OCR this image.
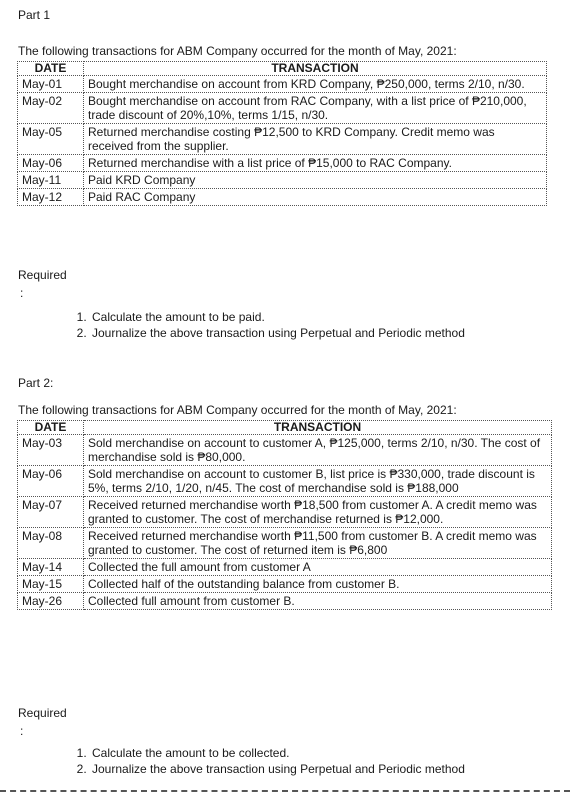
Part 1
The following transactions for ABM Company occurred for the month of May, 2021:
DATE	TRANSACTION
May-01	Bought merchandise on account from KRD Company, ₱250,000, terms 2/10, n/30.
May-02	Bought merchandise on account from RAC Company, with a list price of ₱210,000, trade discount of 20%,10%, terms 1/15, n/30.
May-05	Returned merchandise costing ₱12,500 to KRD Company. Credit memo was received from the supplier.
May-06	Returned merchandise with a list price of ₱15,000 to RAC Company.
May-11	Paid KRD Company
May-12	Paid RAC Company
Required
:
1. Calculate the amount to be paid.
2. Journalize the above transaction using Perpetual and Periodic method
Part 2:
The following transactions for ABM Company occurred for the month of May, 2021:
DATE	TRANSACTION
May-03	Sold merchandise on account to customer A, ₱125,000, terms 2/10, n/30. The cost of merchandise sold is ₱80,000.
May-06	Sold merchandise on account to customer B, list price is ₱330,000, trade discount is 5%, terms 2/10, 1/20, n/45. The cost of merchandise sold is ₱188,000
May-07	Received returned merchandise worth ₱18,500 from customer A. A credit memo was granted to customer. The cost of merchandise returned is ₱12,000.
May-08	Received returned merchandise worth ₱11,500 from customer B. A credit memo was granted to customer. The cost of returned item is ₱6,800
May-14	Collected the full amount from customer A
May-15	Collected half of the outstanding balance from customer B.
May-26	Collected full amount from customer B.
Required
:
1. Calculate the amount to be collected.
2. Journalize the above transaction using Perpetual and Periodic method
